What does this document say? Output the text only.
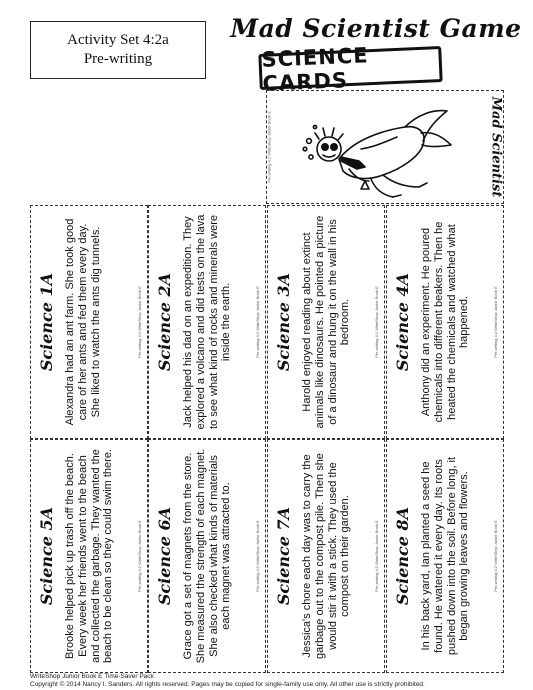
Activity Set 4:2a
Pre-writing
Mad Scientist Game
SCIENCE CARDS
Pre-writing 4:2 WriteShop Junior Book E	Mad Scientist
Science 4A Anthony did an experiment. He poured chemicals into different beakers. Then he heated the chemicals and watched what happened.	Pre-writing 4:2 WriteShop Junior Book E
Science 3A Harold enjoyed reading about extinct animals like dinosaurs. He pointed a picture of a dinosaur and hung it on the wall in his bedroom.	Pre-writing 4:2 WriteShop Junior Book E
Science 2A Jack helped his dad on an expedition. They explored a volcano and did tests on the lava to see what kind of rocks and minerals were inside the earth.	Pre-writing 4:2 WriteShop Junior Book E
Science 1A Alexandra had an ant farm. She took good care of her ants and fed them every day. She liked to watch the ants dig tunnels.	Pre-writing 4:2 WriteShop Junior Book E
Science 8A In his back yard, Ian planted a seed he found. He watered it every day. Its roots pushed down into the soil. Before long, it began growing leaves and flowers.	Pre-writing 4:2 WriteShop Junior Book E
Science 7A Jessica's chore each day was to carry the garbage out to the compost pile. Then she would stir it with a stick. They used the compost on their garden.	Pre-writing 4:2 WriteShop Junior Book E
Science 6A Grace got a set of magnets from the store. She measured the strength of each magnet. She also checked what kinds of materials each magnet was attracted to.	Pre-writing 4:2 WriteShop Junior Book E
Science 5A Brooke helped pick up trash off the beach. Every week her friends went to the beach and collected the garbage. They wanted the beach to be clean so they could swim there.	Pre-writing 4:2 WriteShop Junior Book E
WriteShop Junior Book E Time-Saver Pack
Copyright © 2014 Nancy I. Sanders. All rights reserved. Pages may be copied for single-family use only. All other use is strictly prohibited.
